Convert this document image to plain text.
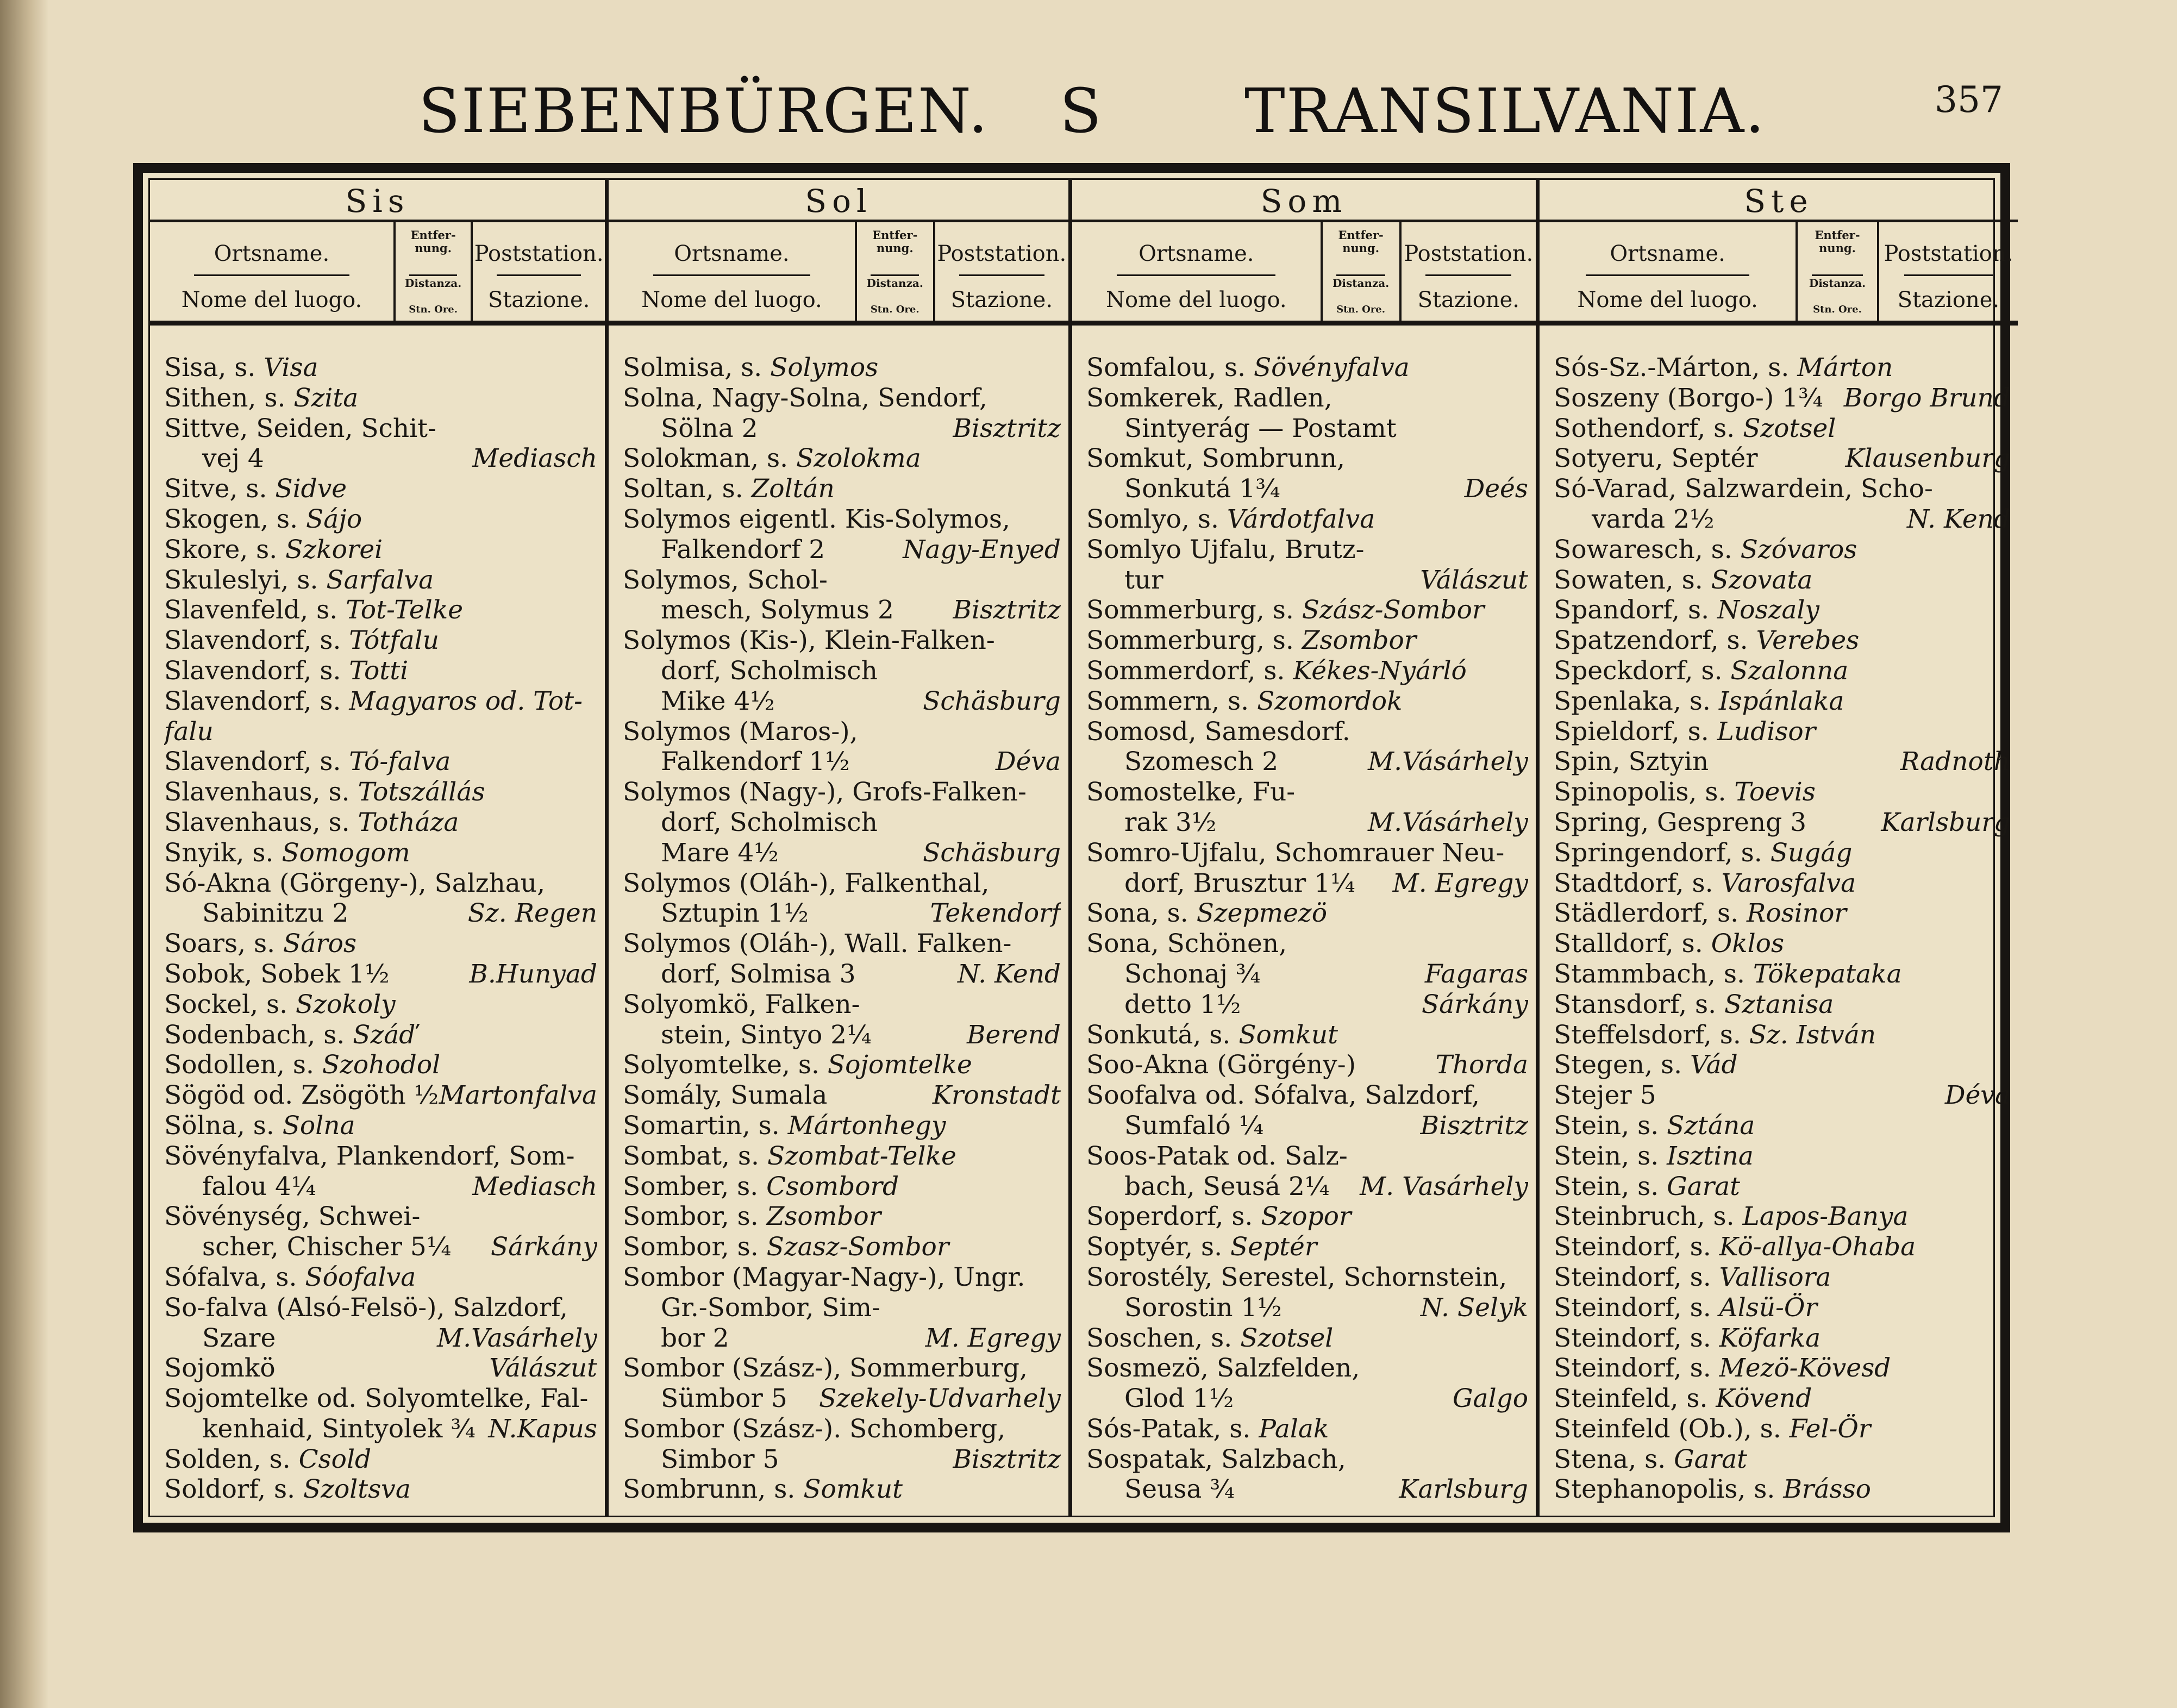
SIEBENBÜRGEN. S TRANSILVANIA.	357
Sis
Ortsname.
Nome del luogo.
Entfer-
nung.
Distanza.
Stn. Ore.
Poststation.
Stazione.
Sisa, s. Visa
Sithen, s. Szita
Sittve, Seiden, Schit-
Mediasch
vej 4
Sitve, s. Sidve
Skogen, s. Sájo
Skore, s. Szkorei
Skuleslyi, s. Sarfalva
Slavenfeld, s. Tot-Telke
Slavendorf, s. Tótfalu
Slavendorf, s. Totti
Slavendorf, s. Magyaros od. Tot-
falu
Slavendorf, s. Tó-falva
Slavenhaus, s. Totszállás
Slavenhaus, s. Totháza
Snyik, s. Somogom
Só-Akna (Görgeny-), Salzhau,
Sz. Regen
Sabinitzu 2
Soars, s. Sáros
B.Hunyad
Sobok, Sobek 1½
Sockel, s. Szokoly
Sodenbach, s. Száď
Sodollen, s. Szohodol
Martonfalva
Sögöd od. Zsögöth ½
Sölna, s. Solna
Sövényfalva, Plankendorf, Som-
Mediasch
falou 4¼
Sövénység, Schwei-
Sárkány
scher, Chischer 5¼
Sófalva, s. Sóofalva
So-falva (Alsó-Felsö-), Salzdorf,
M.Vasárhely
Szare
Válászut
Sojomkö
Sojomtelke od. Solyomtelke, Fal-
N.Kapus
kenhaid, Sintyolek ¾
Solden, s. Csold
Soldorf, s. Szoltsva
Sol
Ortsname.
Nome del luogo.
Entfer-
nung.
Distanza.
Stn. Ore.
Poststation.
Stazione.
Solmisa, s. Solymos
Solna, Nagy-Solna, Sendorf,
Bisztritz
Sölna 2
Solokman, s. Szolokma
Soltan, s. Zoltán
Solymos eigentl. Kis-Solymos,
Nagy-Enyed
Falkendorf 2
Solymos, Schol-
Bisztritz
mesch, Solymus 2
Solymos (Kis-), Klein-Falken-
dorf, Scholmisch
Schäsburg
Mike 4½
Solymos (Maros-),
Déva
Falkendorf 1½
Solymos (Nagy-), Grofs-Falken-
dorf, Scholmisch
Schäsburg
Mare 4½
Solymos (Oláh-), Falkenthal,
Tekendorf
Sztupin 1½
Solymos (Oláh-), Wall. Falken-
N. Kend
dorf, Solmisa 3
Solyomkö, Falken-
Berend
stein, Sintyo 2¼
Solyomtelke, s. Sojomtelke
Kronstadt
Somály, Sumala
Somartin, s. Mártonhegy
Sombat, s. Szombat-Telke
Somber, s. Csombord
Sombor, s. Zsombor
Sombor, s. Szasz-Sombor
Sombor (Magyar-Nagy-), Ungr.
Gr.-Sombor, Sim-
M. Egregy
bor 2
Sombor (Szász-), Sommerburg,
Szekely-Udvarhely
Sümbor 5
Sombor (Szász-). Schomberg,
Bisztritz
Simbor 5
Sombrunn, s. Somkut
Som
Ortsname.
Nome del luogo.
Entfer-
nung.
Distanza.
Stn. Ore.
Poststation.
Stazione.
Somfalou, s. Sövényfalva
Somkerek, Radlen,
Sintyerág — Postamt
Somkut, Sombrunn,
Deés
Sonkutá 1¾
Somlyo, s. Várdotfalva
Somlyo Ujfalu, Brutz-
Válászut
tur
Sommerburg, s. Szász-Sombor
Sommerburg, s. Zsombor
Sommerdorf, s. Kékes-Nyárló
Sommern, s. Szomordok
Somosd, Samesdorf.
M.Vásárhely
Szomesch 2
Somostelke, Fu-
M.Vásárhely
rak 3½
Somro-Ujfalu, Schomrauer Neu-
M. Egregy
dorf, Brusztur 1¼
Sona, s. Szepmezö
Sona, Schönen,
Fagaras
Schonaj ¾
Sárkány
detto 1½
Sonkutá, s. Somkut
Thorda
Soo-Akna (Görgény-)
Soofalva od. Sófalva, Salzdorf,
Bisztritz
Sumfaló ¼
Soos-Patak od. Salz-
M. Vasárhely
bach, Seusá 2¼
Soperdorf, s. Szopor
Soptyér, s. Septér
Sorostély, Serestel, Schornstein,
N. Selyk
Sorostin 1½
Soschen, s. Szotsel
Sosmezö, Salzfelden,
Galgo
Glod 1½
Sós-Patak, s. Palak
Sospatak, Salzbach,
Karlsburg
Seusa ¾
Ste
Ortsname.
Nome del luogo.
Entfer-
nung.
Distanza.
Stn. Ore.
Poststation.
Stazione.
Sós-Sz.-Márton, s. Márton
Borgo Brund
Soszeny (Borgo-) 1¾
Sothendorf, s. Szotsel
Klausenburg
Sotyeru, Septér
Só-Varad, Salzwardein, Scho-
N. Kend
varda 2½
Sowaresch, s. Szóvaros
Sowaten, s. Szovata
Spandorf, s. Noszaly
Spatzendorf, s. Verebes
Speckdorf, s. Szalonna
Spenlaka, s. Ispánlaka
Spieldorf, s. Ludisor
Radnoth
Spin, Sztyin
Spinopolis, s. Toevis
Karlsburg
Spring, Gespreng 3
Springendorf, s. Sugág
Stadtdorf, s. Varosfalva
Städlerdorf, s. Rosinor
Stalldorf, s. Oklos
Stammbach, s. Tökepataka
Stansdorf, s. Sztanisa
Steffelsdorf, s. Sz. István
Stegen, s. Vád
Déva
Stejer 5
Stein, s. Sztána
Stein, s. Isztina
Stein, s. Garat
Steinbruch, s. Lapos-Banya
Steindorf, s. Kö-allya-Ohaba
Steindorf, s. Vallisora
Steindorf, s. Alsü-Ör
Steindorf, s. Köfarka
Steindorf, s. Mezö-Kövesd
Steinfeld, s. Kövend
Steinfeld (Ob.), s. Fel-Ör
Stena, s. Garat
Stephanopolis, s. Brásso
